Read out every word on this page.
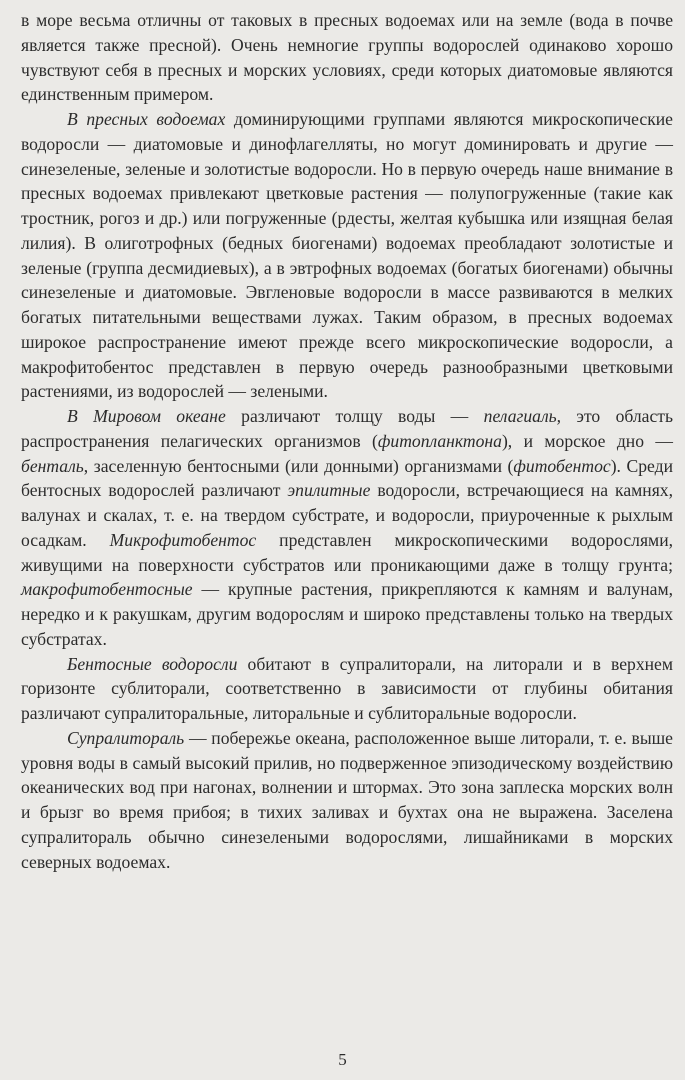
в море весьма отличны от таковых в пресных водоемах или на земле (вода в почве является также пресной). Очень немногие группы водорослей одинаково хорошо чувствуют себя в пресных и морских условиях, среди которых диатомовые являются единственным примером.

В пресных водоемах доминирующими группами являются микроскопические водоросли — диатомовые и динофлагелляты, но могут доминировать и другие — синезеленые, зеленые и золотистые водоросли. Но в первую очередь наше внимание в пресных водоемах привлекают цветковые растения — полупогруженные (такие как тростник, рогоз и др.) или погруженные (рдесты, желтая кубышка или изящная белая лилия). В олиготрофных (бедных биогенами) водоемах преобладают золотистые и зеленые (группа десмидиевых), а в эвтрофных водоемах (богатых биогенами) обычны синезеленые и диатомовые. Эвгленовые водоросли в массе развиваются в мелких богатых питательными веществами лужах. Таким образом, в пресных водоемах широкое распространение имеют прежде всего микроскопические водоросли, а макрофитобентос представлен в первую очередь разнообразными цветковыми растениями, из водорослей — зелеными.

В Мировом океане различают толщу воды — пелагиаль, это область распространения пелагических организмов (фитопланктона), и морское дно — бенталь, заселенную бентосными (или донными) организмами (фитобентос). Среди бентосных водорослей различают эпилитные водоросли, встречающиеся на камнях, валунах и скалах, т. е. на твердом субстрате, и водоросли, приуроченные к рыхлым осадкам. Микрофитобентос представлен микроскопическими водорослями, живущими на поверхности субстратов или проникающими даже в толщу грунта; макрофитобентосные — крупные растения, прикрепляются к камням и валунам, нередко и к ракушкам, другим водорослям и широко представлены только на твердых субстратах.

Бентосные водоросли обитают в супралиторали, на литорали и в верхнем горизонте сублиторали, соответственно в зависимости от глубины обитания различают супралиторальные, литоральные и сублиторальные водоросли.

Супралитораль — побережье океана, расположенное выше литорали, т. е. выше уровня воды в самый высокий прилив, но подверженное эпизодическому воздействию океанических вод при нагонах, волнении и штормах. Это зона заплеска морских волн и брызг во время прибоя; в тихих заливах и бухтах она не выражена. Заселена супралитораль обычно синезелеными водорослями, лишайниками в морских северных водоемах.

5
